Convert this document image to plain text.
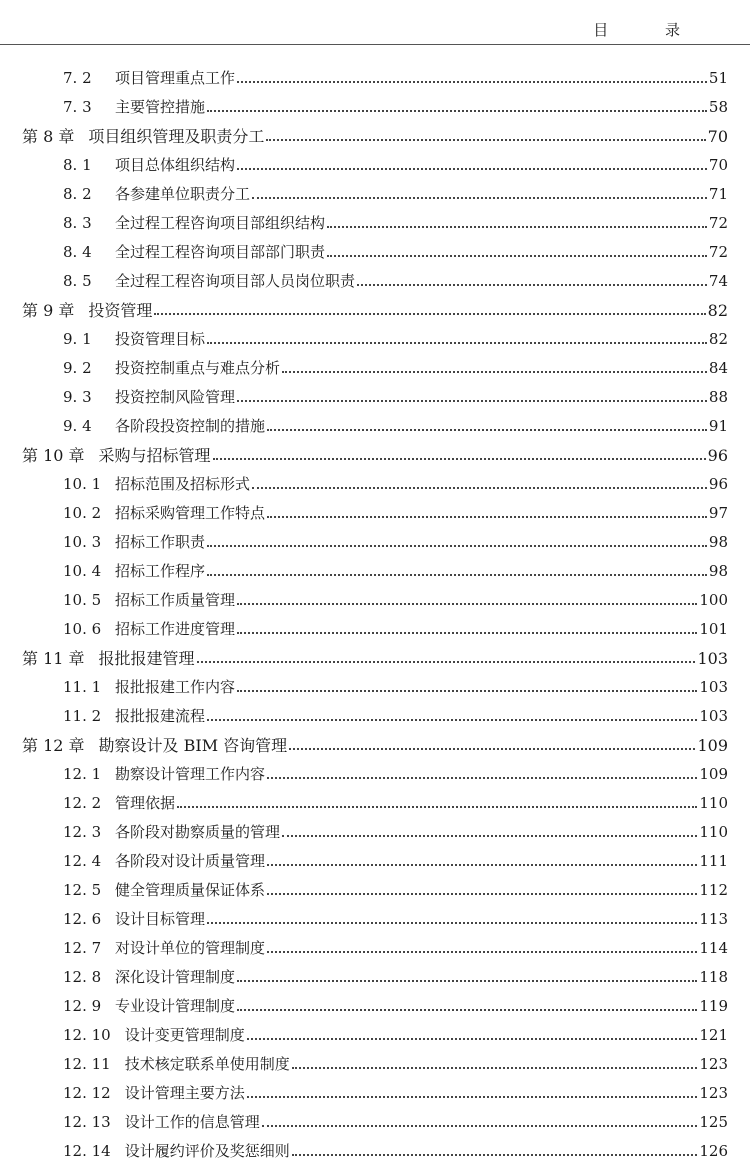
目 录
7. 2	项目管理重点工作	51
7. 3	主要管控措施	58
第 8 章 项目组织管理及职责分工	70
8. 1	项目总体组织结构	70
8. 2	各参建单位职责分工	71
8. 3	全过程工程咨询项目部组织结构	72
8. 4	全过程工程咨询项目部部门职责	72
8. 5	全过程工程咨询项目部人员岗位职责	74
第 9 章 投资管理	82
9. 1	投资管理目标	82
9. 2	投资控制重点与难点分析	84
9. 3	投资控制风险管理	88
9. 4	各阶段投资控制的措施	91
第 10 章 采购与招标管理	96
10. 1 招标范围及招标形式	96
10. 2 招标采购管理工作特点	97
10. 3 招标工作职责	98
10. 4 招标工作程序	98
10. 5 招标工作质量管理	100
10. 6 招标工作进度管理	101
第 11 章 报批报建管理	103
11. 1 报批报建工作内容	103
11. 2 报批报建流程	103
第 12 章 勘察设计及 BIM 咨询管理	109
12. 1 勘察设计管理工作内容	109
12. 2 管理依据	110
12. 3 各阶段对勘察质量的管理	110
12. 4 各阶段对设计质量管理	111
12. 5 健全管理质量保证体系	112
12. 6 设计目标管理	113
12. 7 对设计单位的管理制度	114
12. 8 深化设计管理制度	118
12. 9 专业设计管理制度	119
12. 10 设计变更管理制度	121
12. 11 技术核定联系单使用制度	123
12. 12 设计管理主要方法	123
12. 13 设计工作的信息管理	125
12. 14 设计履约评价及奖惩细则	126
